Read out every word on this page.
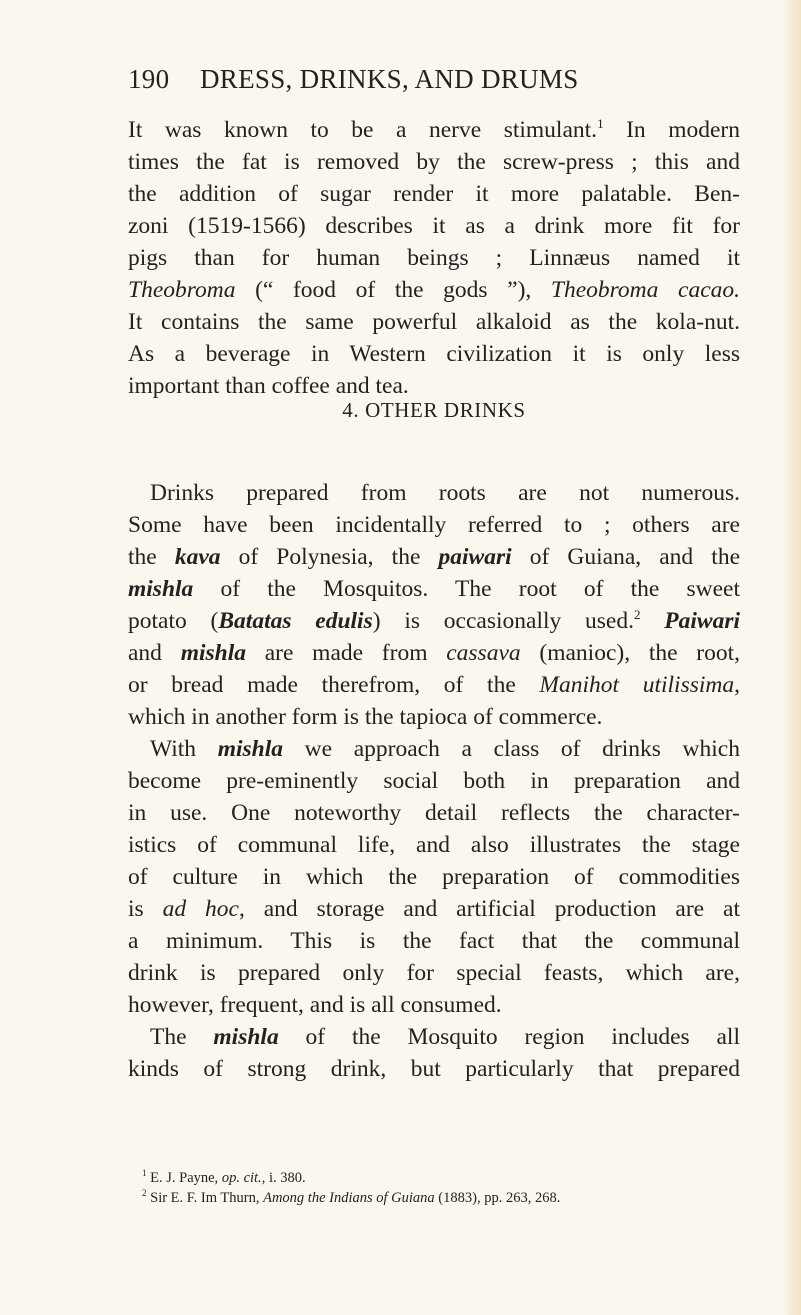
190 DRESS, DRINKS, AND DRUMS
It was known to be a nerve stimulant.$^1$ In modern
times the fat is removed by the screw-press ; this and
the addition of sugar render it more palatable. Ben-
zoni (1519-1566) describes it as a drink more fit for
pigs than for human beings ; Linnæus named it
Theobroma (“ food of the gods ”), Theobroma cacao.
It contains the same powerful alkaloid as the kola-nut.
As a beverage in Western civilization it is only less
important than coffee and tea.
4. OTHER DRINKS
Drinks prepared from roots are not numerous.
Some have been incidentally referred to ; others are
the kava of Polynesia, the paiwari of Guiana, and the
mishla of the Mosquitos. The root of the sweet
potato (Batatas edulis) is occasionally used.$^2$ Paiwari
and mishla are made from cassava (manioc), the root,
or bread made therefrom, of the Manihot utilissima,
which in another form is the tapioca of commerce.
With mishla we approach a class of drinks which
become pre-eminently social both in preparation and
in use. One noteworthy detail reflects the character-
istics of communal life, and also illustrates the stage
of culture in which the preparation of commodities
is ad hoc, and storage and artificial production are at
a minimum. This is the fact that the communal
drink is prepared only for special feasts, which are,
however, frequent, and is all consumed.
The mishla of the Mosquito region includes all
kinds of strong drink, but particularly that prepared
$^1$ E. J. Payne, op. cit., i. 380.
$^2$ Sir E. F. Im Thurn, Among the Indians of Guiana (1883), pp. 263, 268.
